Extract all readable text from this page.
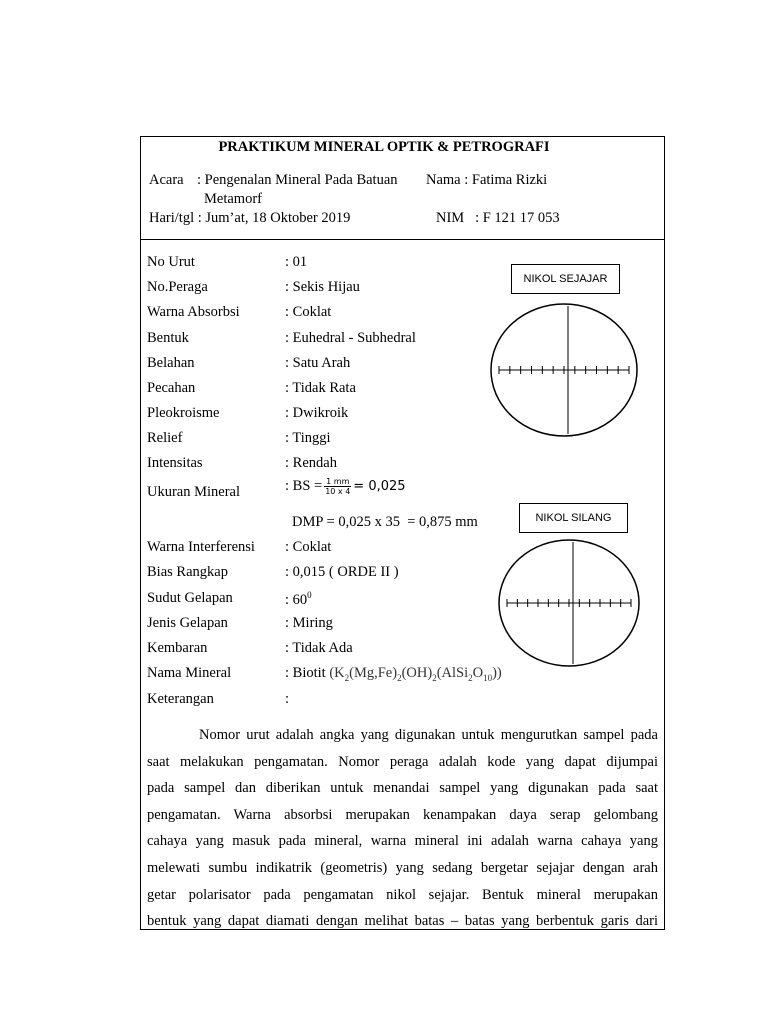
PRAKTIKUM MINERAL OPTIK & PETROGRAFI
Acara : Pengenalan Mineral Pada Batuan
Metamorf
Nama : Fatima Rizki
Hari/tgl : Jum’at, 18 Oktober 2019	NIM   : F 121 17 053
No Urut	: 01
No.Peraga	: Sekis Hijau
Warna Absorbsi	: Coklat
Bentuk	: Euhedral - Subhedral
Belahan	: Satu Arah
Pecahan	: Tidak Rata
Pleokroisme	: Dwikroik
Relief	: Tinggi
Intensitas	: Rendah
Ukuran Mineral	: BS = $\frac{1 mm}{10 x 4} = 0,025$
DMP = 0,025 x 35  = 0,875 mm
Warna Interferensi : Coklat
Bias Rangkap	: 0,015 ( ORDE II )
Sudut Gelapan	: $60^0$
Jenis Gelapan	: Miring
Kembaran	: Tidak Ada
Nama Mineral	: Biotit $(K_2(Mg,Fe)_2(OH)_2(AlSi_2O_{10}))$
Keterangan	:
NIKOL SEJAJAR
NIKOL SILANG
Nomor urut adalah angka yang digunakan untuk mengurutkan sampel pada
saat melakukan pengamatan. Nomor peraga adalah kode yang dapat dijumpai
pada sampel dan diberikan untuk menandai sampel yang digunakan pada saat
pengamatan. Warna absorbsi merupakan kenampakan daya serap gelombang
cahaya yang masuk pada mineral, warna mineral ini adalah warna cahaya yang
melewati sumbu indikatrik (geometris) yang sedang bergetar sejajar dengan arah
getar polarisator pada pengamatan nikol sejajar. Bentuk mineral merupakan
bentuk yang dapat diamati dengan melihat batas – batas yang berbentuk garis dari
